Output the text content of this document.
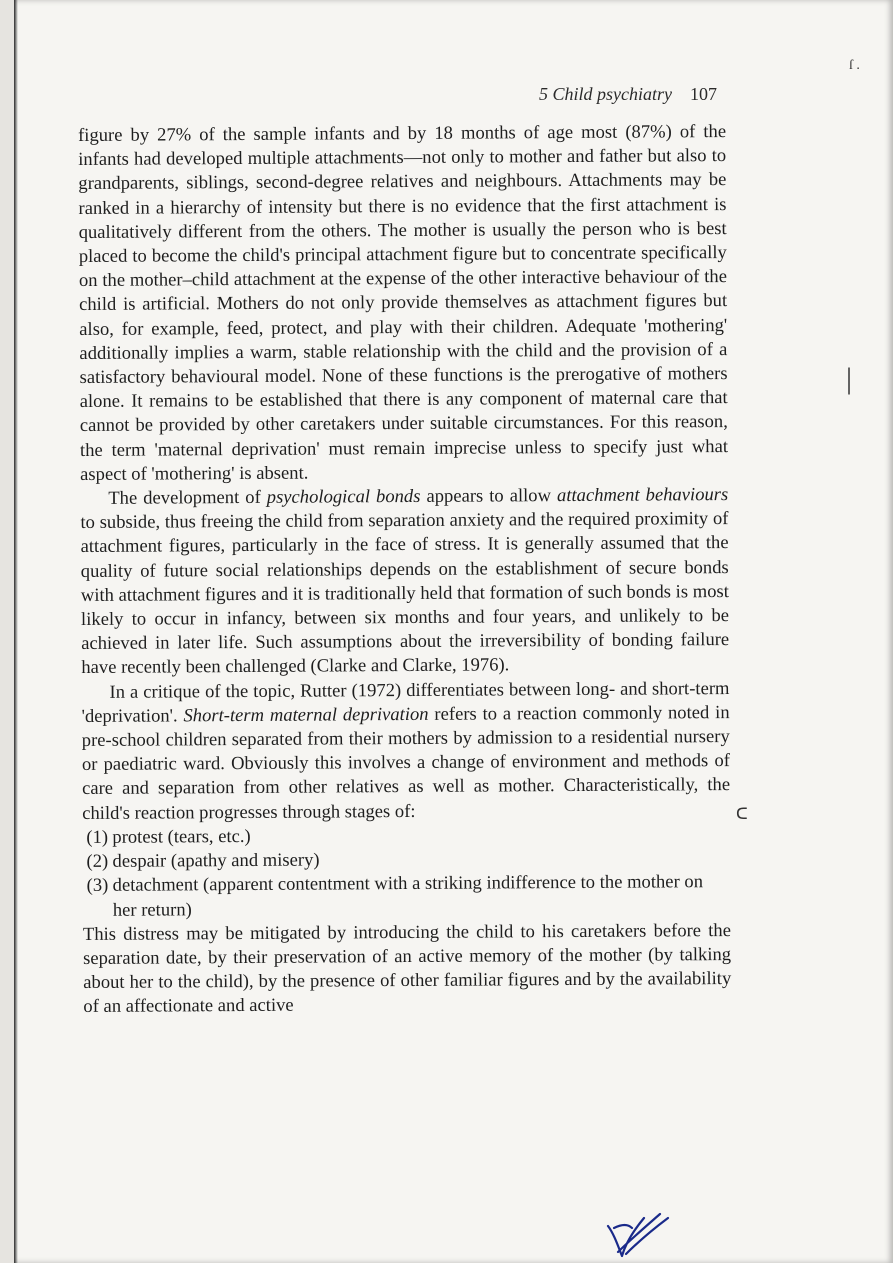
5 Child psychiatry 107

figure by 27% of the sample infants and by 18 months of age most (87%) of the infants had developed multiple attachments—not only to mother and father but also to grandparents, siblings, second-degree relatives and neighbours. Attachments may be ranked in a hierarchy of intensity but there is no evidence that the first attachment is qualitatively different from the others. The mother is usually the person who is best placed to become the child's principal attachment figure but to concentrate specifically on the mother–child attachment at the expense of the other interactive behaviour of the child is artificial. Mothers do not only provide themselves as attachment figures but also, for example, feed, protect, and play with their children. Adequate 'mothering' additionally implies a warm, stable relationship with the child and the provision of a satisfactory behavioural model. None of these functions is the prerogative of mothers alone. It remains to be established that there is any component of maternal care that cannot be provided by other caretakers under suitable circumstances. For this reason, the term 'maternal deprivation' must remain imprecise unless to specify just what aspect of 'mothering' is absent.

The development of psychological bonds appears to allow attachment behaviours to subside, thus freeing the child from separation anxiety and the required proximity of attachment figures, particularly in the face of stress. It is generally assumed that the quality of future social relationships depends on the establishment of secure bonds with attachment figures and it is traditionally held that formation of such bonds is most likely to occur in infancy, between six months and four years, and unlikely to be achieved in later life. Such assumptions about the irreversibility of bonding failure have recently been challenged (Clarke and Clarke, 1976).

In a critique of the topic, Rutter (1972) differentiates between long- and short-term 'deprivation'. Short-term maternal deprivation refers to a reaction commonly noted in pre-school children separated from their mothers by admission to a residential nursery or paediatric ward. Obviously this involves a change of environment and methods of care and separation from other relatives as well as mother. Characteristically, the child's reaction progresses through stages of:

(1) protest (tears, etc.)
(2) despair (apathy and misery)
(3) detachment (apparent contentment with a striking indifference to the mother on her return)

This distress may be mitigated by introducing the child to his caretakers before the separation date, by their preservation of an active memory of the mother (by talking about her to the child), by the presence of other familiar figures and by the availability of an affectionate and active

ſ .
|
ᑕ
